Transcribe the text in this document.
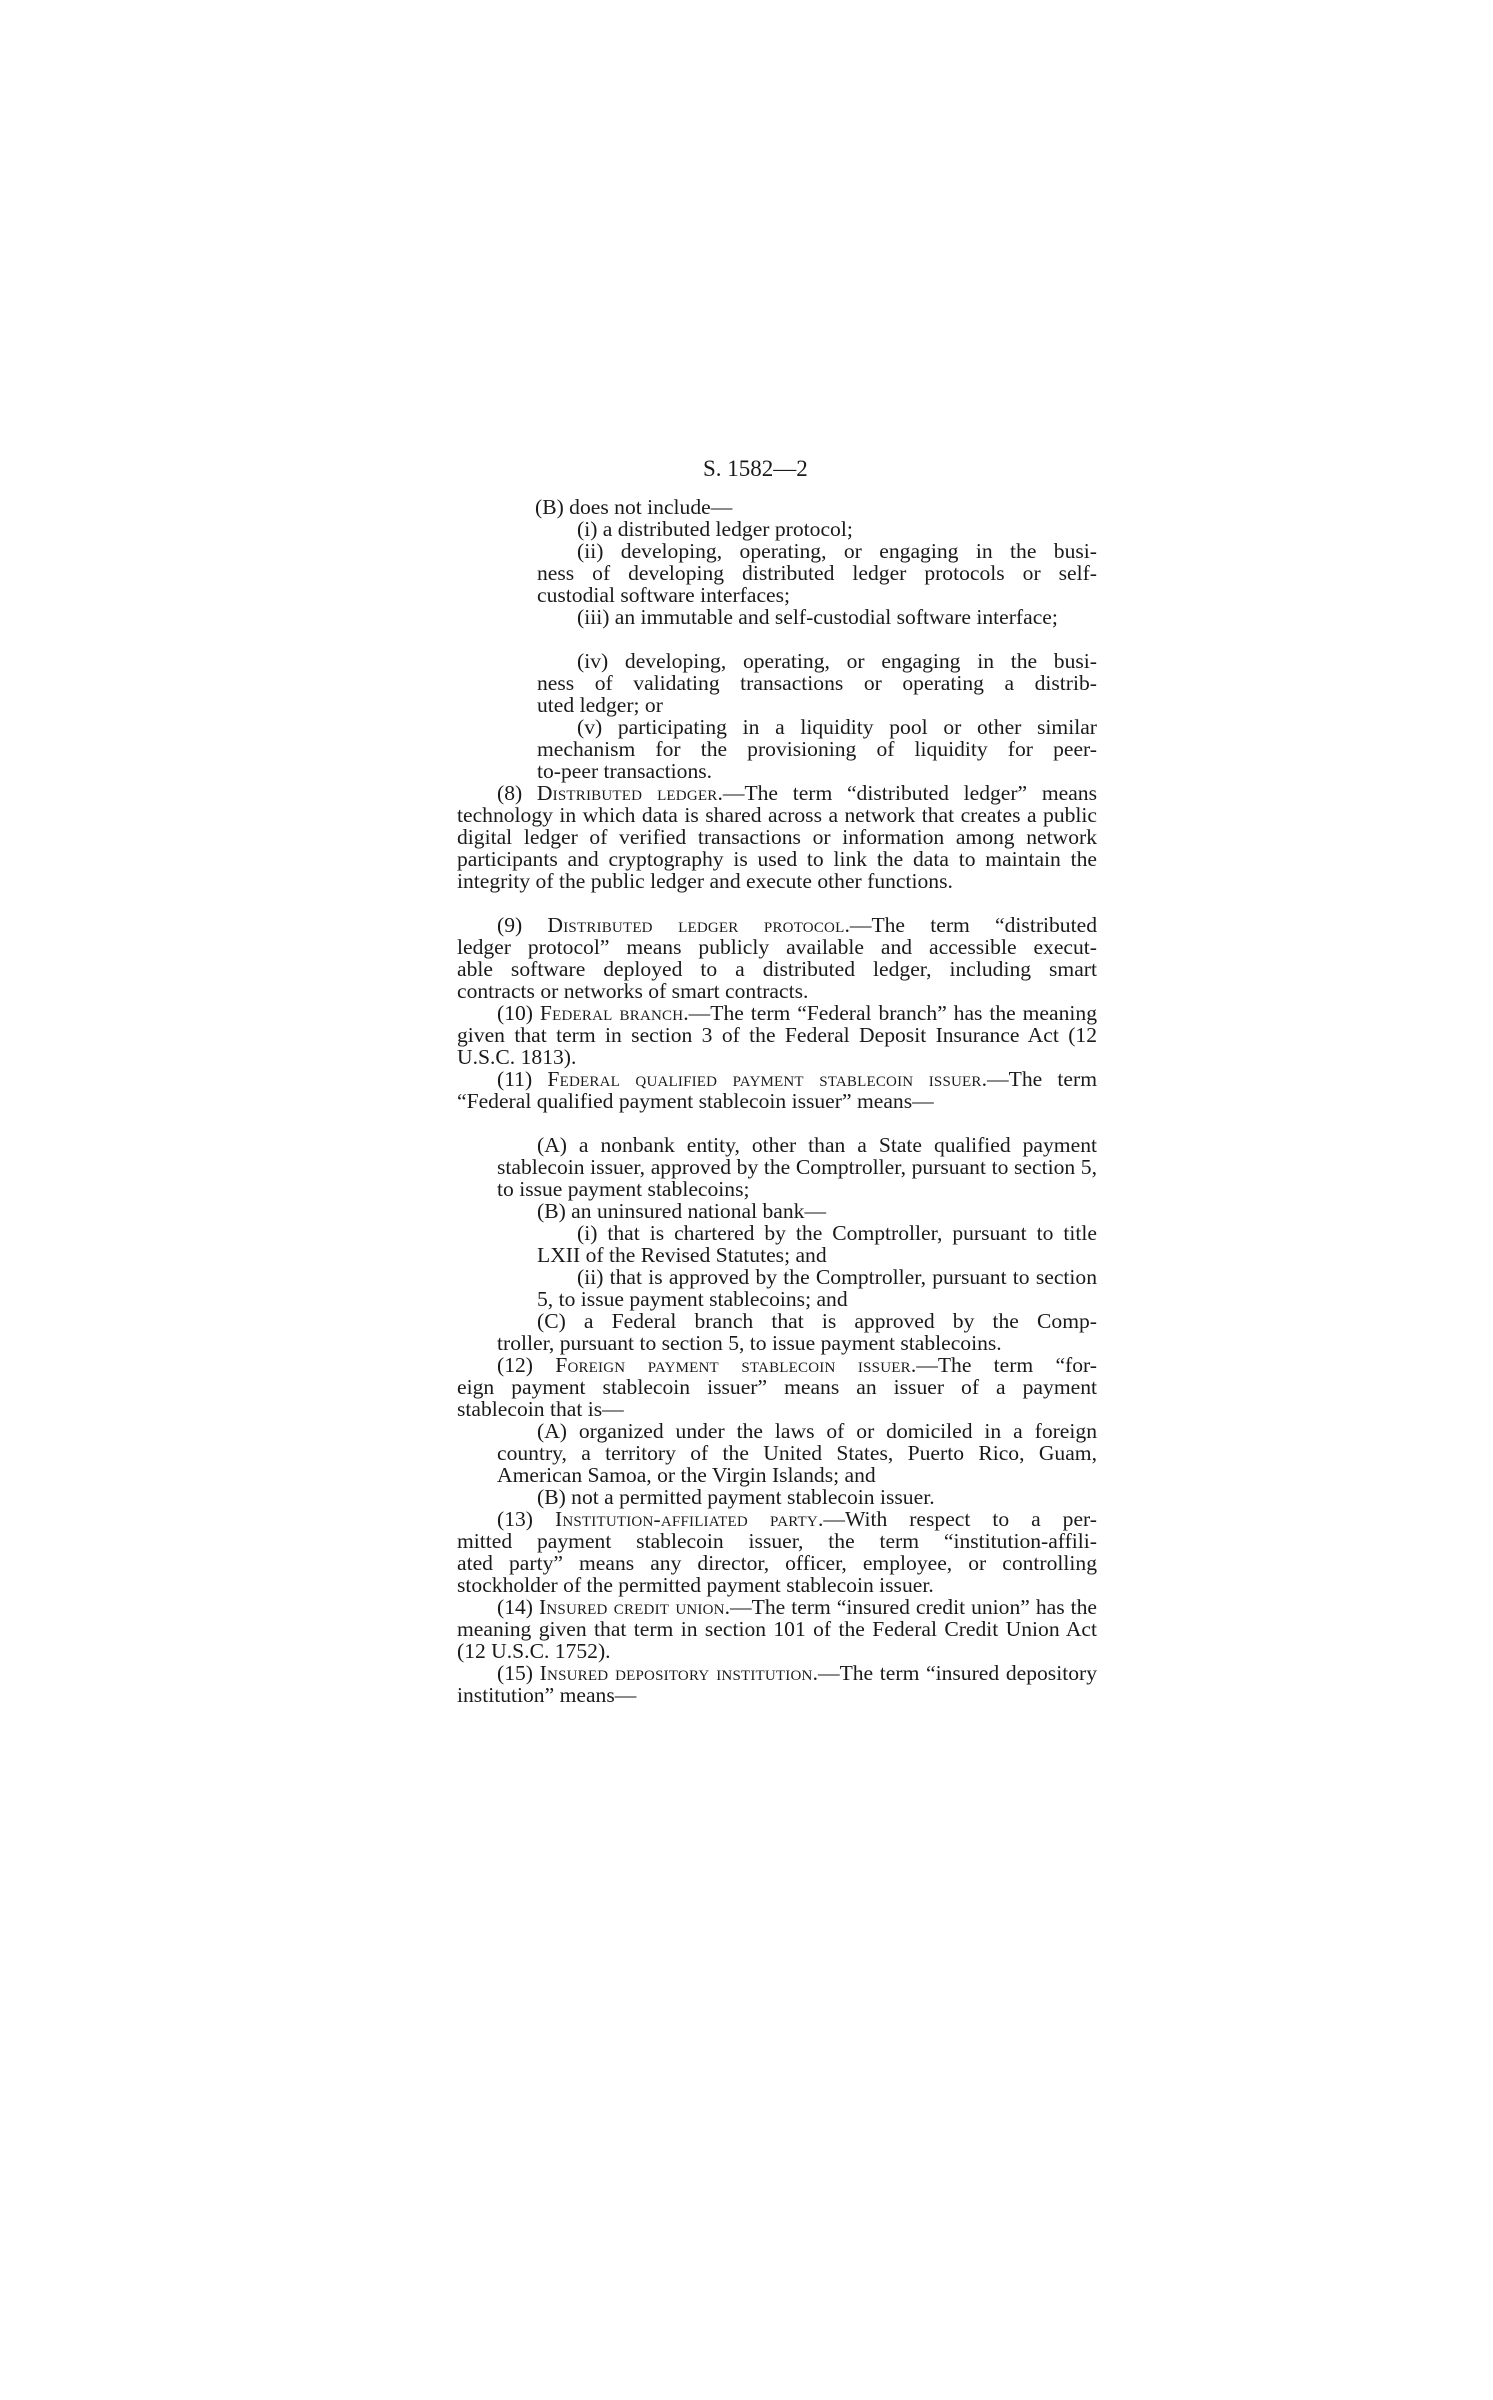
S. 1582—2
(B) does not include—
(i) a distributed ledger protocol;
(ii) developing, operating, or engaging in the busi-
ness of developing distributed ledger protocols or self-
custodial software interfaces;
(iii) an immutable and self-custodial software interface;
(iv) developing, operating, or engaging in the busi-
ness of validating transactions or operating a distrib-
uted ledger; or
(v) participating in a liquidity pool or other similar
mechanism for the provisioning of liquidity for peer-
to-peer transactions.
(8) Distributed ledger.—The term “distributed ledger” means technology in which data is shared across a network that creates a public digital ledger of verified transactions or information among network participants and cryptography is used to link the data to maintain the integrity of the public ledger and execute other functions.
(9) Distributed ledger protocol.—The term “distributed
ledger protocol” means publicly available and accessible execut-
able software deployed to a distributed ledger, including smart
contracts or networks of smart contracts.
(10) Federal branch.—The term “Federal branch” has the meaning given that term in section 3 of the Federal Deposit Insurance Act (12 U.S.C. 1813).
(11) Federal qualified payment stablecoin issuer.—The term “Federal qualified payment stablecoin issuer” means—
(A) a nonbank entity, other than a State qualified payment stablecoin issuer, approved by the Comptroller, pursuant to section 5, to issue payment stablecoins;
(B) an uninsured national bank—
(i) that is chartered by the Comptroller, pursuant to title LXII of the Revised Statutes; and
(ii) that is approved by the Comptroller, pursuant to section 5, to issue payment stablecoins; and
(C) a Federal branch that is approved by the Comp-
troller, pursuant to section 5, to issue payment stablecoins.
(12) Foreign payment stablecoin issuer.—The term “for-
eign payment stablecoin issuer” means an issuer of a payment
stablecoin that is—
(A) organized under the laws of or domiciled in a foreign country, a territory of the United States, Puerto Rico, Guam, American Samoa, or the Virgin Islands; and
(B) not a permitted payment stablecoin issuer.
(13) Institution-affiliated party.—With respect to a per-
mitted payment stablecoin issuer, the term “institution-affili-
ated party” means any director, officer, employee, or controlling
stockholder of the permitted payment stablecoin issuer.
(14) Insured credit union.—The term “insured credit union” has the meaning given that term in section 101 of the Federal Credit Union Act (12 U.S.C. 1752).
(15) Insured depository institution.—The term “insured depository institution” means—
